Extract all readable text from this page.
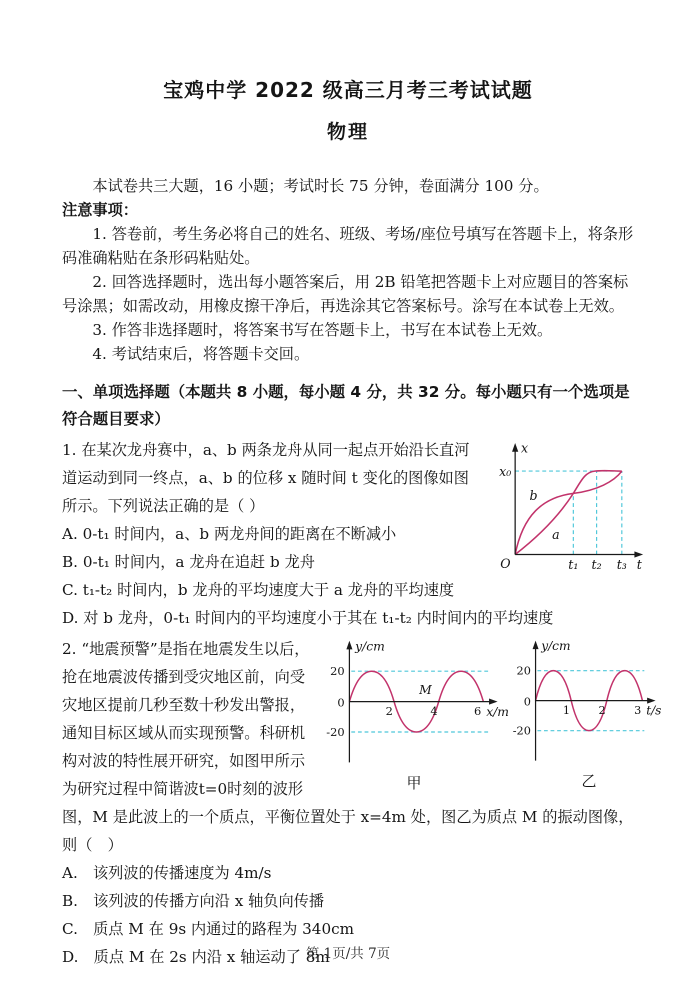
宝鸡中学 2022 级高三月考三考试试题
物理

本试卷共三大题，16 小题；考试时长 75 分钟，卷面满分 100 分。

注意事项：

1. 答卷前，考生务必将自己的姓名、班级、考场/座位号填写在答题卡上，将条形码准确粘贴在条形码粘贴处。

2. 回答选择题时，选出每小题答案后，用 2B 铅笔把答题卡上对应题目的答案标号涂黑；如需改动，用橡皮擦干净后，再选涂其它答案标号。涂写在本试卷上无效。

3. 作答非选择题时，将答案书写在答题卡上，书写在本试卷上无效。

4. 考试结束后，将答题卡交回。

一、单项选择题（本题共 8 小题，每小题 4 分，共 32 分。每小题只有一个选项是符合题目要求）
x
x₀
b
a
O	t₁ t₂ t₃ t

1. 在某次龙舟赛中，a、b 两条龙舟从同一起点开始沿长直河道运动到同一终点，a、b 的位移 x 随时间 t 变化的图像如图所示。下列说法正确的是（ ）

A. 0-t₁ 时间内，a、b 两龙舟间的距离在不断减小

B. 0-t₁ 时间内，a 龙舟在追赶 b 龙舟

C. t₁-t₂ 时间内，b 龙舟的平均速度大于 a 龙舟的平均速度

D. 对 b 龙舟，0-t₁ 时间内的平均速度小于其在 t₁-t₂ 内时间内的平均速度

y/cm
20
0
-20
2	4	6
M
x/m
甲
y/cm
20
0
-20
1 2 3 t/s
乙

2. “地震预警”是指在地震发生以后，抢在地震波传播到受灾地区前，向受灾地区提前几秒至数十秒发出警报，通知目标区域从而实现预警。科研机构对波的特性展开研究，如图甲所示为研究过程中简谐波t=0时刻的波形图，M 是此波上的一个质点，平衡位置处于 x=4m 处，图乙为质点 M 的振动图像，则（　）

A.　该列波的传播速度为 4m/s

B.　该列波的传播方向沿 x 轴负向传播

C.　质点 M 在 9s 内通过的路程为 340cm

D.　质点 M 在 2s 内沿 x 轴运动了 8m

第 1页/共 7页
